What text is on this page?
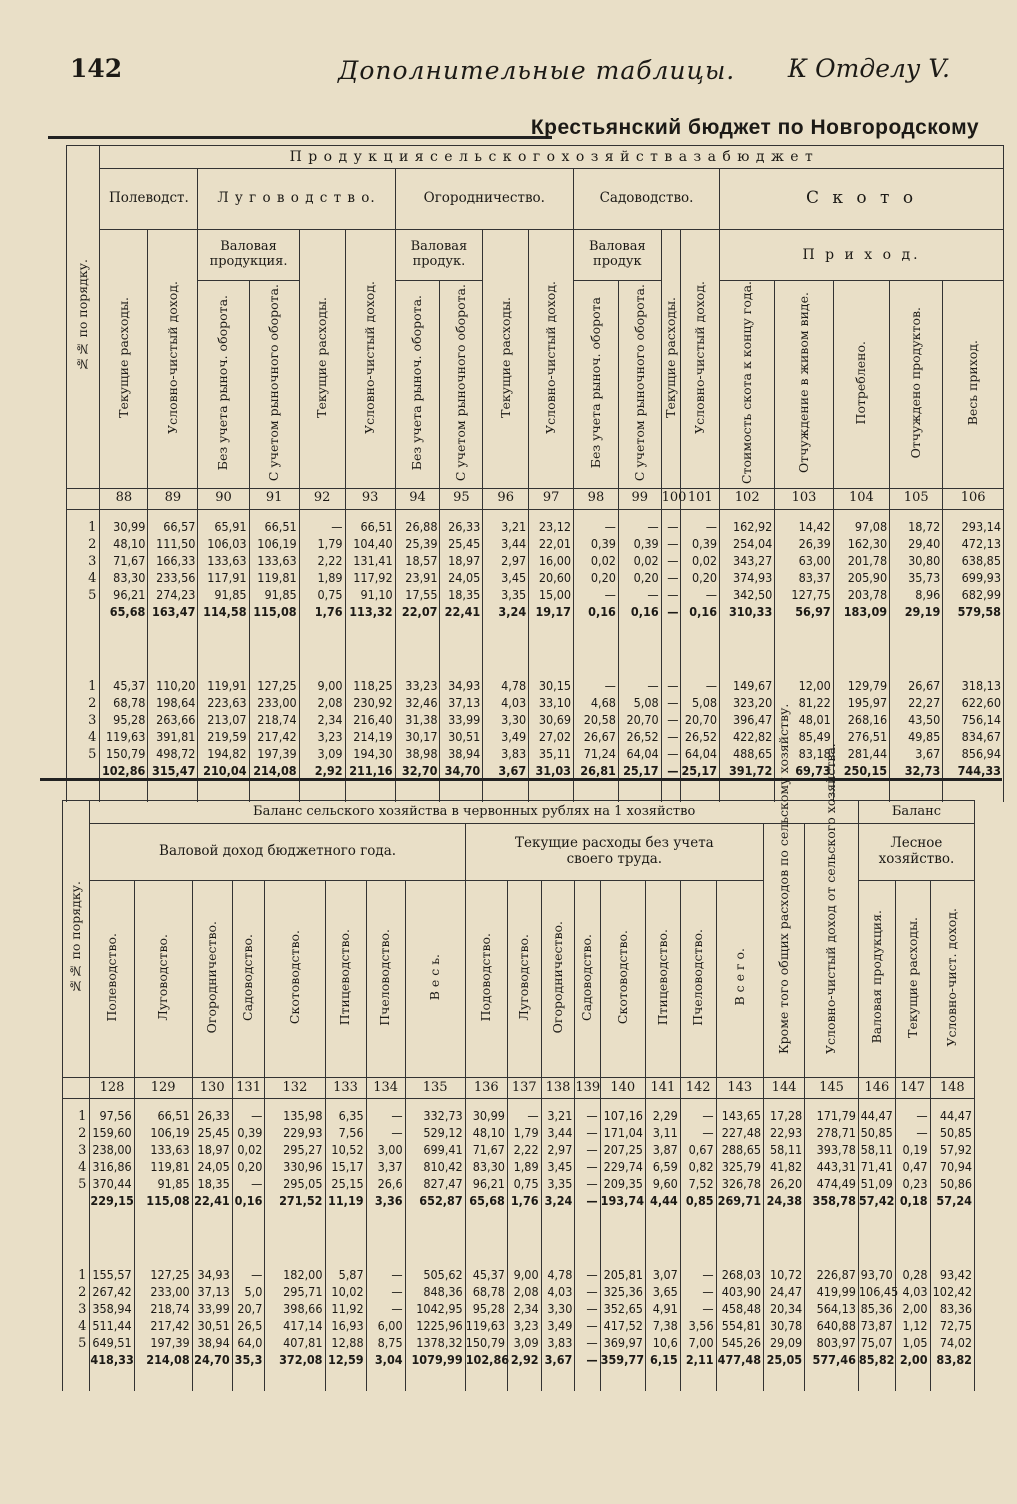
142	Дополнительные таблицы. К Отделу V.
Крестьянский бюджет по Новгородскому
№№ по порядку.	П р о д у к ц и я с е л ь с к о г о х о з я й с т в а з а б ю д ж е т																		
	Полеводст.		Л у г о в о д с т в о.				Огородничество.				Садоводство.				С к о т о				
	Текущие расходы.	Условно-чистый доход.	Валовая продукция.		Текущие расходы.	Условно-чистый доход.	Валовая продук.		Текущие расходы.	Условно-чистый доход.	Валовая продук		Текущие расходы.	Условно-чистый доход.	П р и х о д.				
			Без учета рыноч. оборота.	С учетом рыночного оборота.			Без учета рыноч. оборота.	С учетом рыночного оборота.			Без учета рыноч. оборота	С учетом рыночного оборота.			Стоимость скота к концу года.	Отчуждение в живом виде.	Потреблено.	Отчуждено продуктов.	Весь приход.
	88	89	90	91	92	93	94	95	96	97	98	99	100	101	102	103	104	105	106

1	30,99	66,57	65,91	66,51	—	66,51	26,88	26,33	3,21	23,12	—	—	—	—	162,92	14,42	97,08	18,72	293,14
2	48,10	111,50	106,03	106,19	1,79	104,40	25,39	25,45	3,44	22,01	0,39	0,39	—	0,39	254,04	26,39	162,30	29,40	472,13
3	71,67	166,33	133,63	133,63	2,22	131,41	18,57	18,97	2,97	16,00	0,02	0,02	—	0,02	343,27	63,00	201,78	30,80	638,85
4	83,30	233,56	117,91	119,81	1,89	117,92	23,91	24,05	3,45	20,60	0,20	0,20	—	0,20	374,93	83,37	205,90	35,73	699,93
5	96,21	274,23	91,85	91,85	0,75	91,10	17,55	18,35	3,35	15,00	—	—	—	—	342,50	127,75	203,78	8,96	682,99
	65,68	163,47	114,58	115,08	1,76	113,32	22,07	22,41	3,24	19,17	0,16	0,16	—	0,16	310,33	56,97	183,09	29,19	579,58

1	45,37	110,20	119,91	127,25	9,00	118,25	33,23	34,93	4,78	30,15	—	—	—	—	149,67	12,00	129,79	26,67	318,13
2	68,78	198,64	223,63	233,00	2,08	230,92	32,46	37,13	4,03	33,10	4,68	5,08	—	5,08	323,20	81,22	195,97	22,27	622,60
3	95,28	263,66	213,07	218,74	2,34	216,40	31,38	33,99	3,30	30,69	20,58	20,70	—	20,70	396,47	48,01	268,16	43,50	756,14
4	119,63	391,81	219,59	217,42	3,23	214,19	30,17	30,51	3,49	27,02	26,67	26,52	—	26,52	422,82	85,49	276,51	49,85	834,67
5	150,79	498,72	194,82	197,39	3,09	194,30	38,98	38,94	3,83	35,11	71,24	64,04	—	64,04	488,65	83,18	281,44	3,67	856,94
	102,86	315,47	210,04	214,08	2,92	211,16	32,70	34,70	3,67	31,03	26,81	25,17	—	25,17	391,72	69,73	250,15	32,73	744,33

№№ по порядку.	Баланс сельского хозяйства в червонных рублях на 1 хозяйство																		Баланс		
	Валовой доход бюджетного года.								Текущие расходы без учета своего труда.								Кроме того общих расходов по сельскому хозяйству.	Условно-чистый доход от сельского хозяйства.	Лесное хозяйство.		
	Полеводство.	Луговодство.	Огородничество.	Садоводство.	Скотоводство.	Птицеводство.	Пчеловодство.	В е с ь.	Подоводство.	Луговодство.	Огородничество.	Садоводство.	Скотоводство.	Птицеводство.	Пчеловодство.	В с е г о.			Валовая продукция.	Текущие расходы.	Условно-чист. доход.
	128	129	130	131	132	133	134	135	136	137	138	139	140	141	142	143	144	145	146	147	148

1	97,56	66,51	26,33	—	135,98	6,35	—	332,73	30,99	—	3,21	—	107,16	2,29	—	143,65	17,28	171,79	44,47	—	44,47
2	159,60	106,19	25,45	0,39	229,93	7,56	—	529,12	48,10	1,79	3,44	—	171,04	3,11	—	227,48	22,93	278,71	50,85	—	50,85
3	238,00	133,63	18,97	0,02	295,27	10,52	3,00	699,41	71,67	2,22	2,97	—	207,25	3,87	0,67	288,65	58,11	393,78	58,11	0,19	57,92
4	316,86	119,81	24,05	0,20	330,96	15,17	3,37	810,42	83,30	1,89	3,45	—	229,74	6,59	0,82	325,79	41,82	443,31	71,41	0,47	70,94
5	370,44	91,85	18,35	—	295,05	25,15	26,6	827,47	96,21	0,75	3,35	—	209,35	9,60	7,52	326,78	26,20	474,49	51,09	0,23	50,86
	229,15	115,08	22,41	0,16	271,52	11,19	3,36	652,87	65,68	1,76	3,24	—	193,74	4,44	0,85	269,71	24,38	358,78	57,42	0,18	57,24

1	155,57	127,25	34,93	—	182,00	5,87	—	505,62	45,37	9,00	4,78	—	205,81	3,07	—	268,03	10,72	226,87	93,70	0,28	93,42
2	267,42	233,00	37,13	5,0	295,71	10,02	—	848,36	68,78	2,08	4,03	—	325,36	3,65	—	403,90	24,47	419,99	106,45	4,03	102,42
3	358,94	218,74	33,99	20,7	398,66	11,92	—	1042,95	95,28	2,34	3,30	—	352,65	4,91	—	458,48	20,34	564,13	85,36	2,00	83,36
4	511,44	217,42	30,51	26,5	417,14	16,93	6,00	1225,96	119,63	3,23	3,49	—	417,52	7,38	3,56	554,81	30,78	640,88	73,87	1,12	72,75
5	649,51	197,39	38,94	64,0	407,81	12,88	8,75	1378,32	150,79	3,09	3,83	—	369,97	10,6	7,00	545,26	29,09	803,97	75,07	1,05	74,02
	418,33	214,08	24,70	35,3	372,08	12,59	3,04	1079,99	102,86	2,92	3,67	—	359,77	6,15	2,11	477,48	25,05	577,46	85,82	2,00	83,82
